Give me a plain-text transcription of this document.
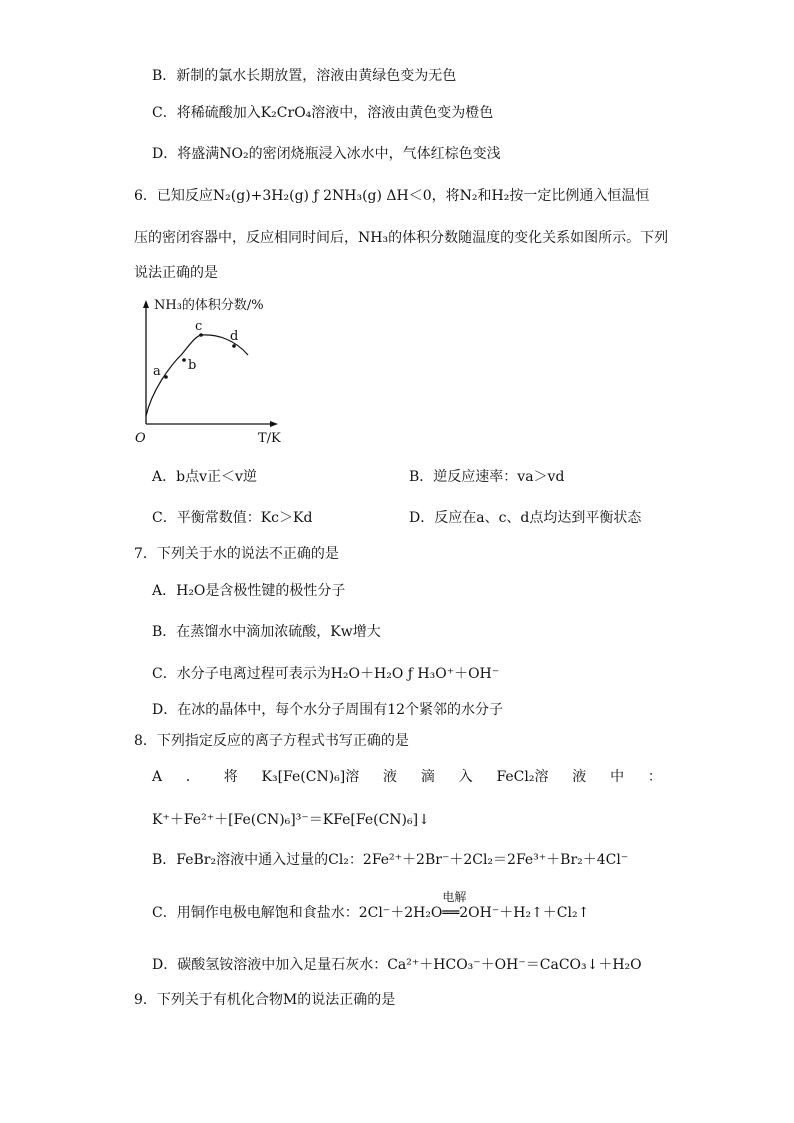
B．新制的氯水长期放置，溶液由黄绿色变为无色
C．将稀硫酸加入K₂CrO₄溶液中，溶液由黄色变为橙色
D．将盛满NO₂的密闭烧瓶浸入冰水中，气体红棕色变浅
6．已知反应N₂(g)+3H₂(g) ƒ 2NH₃(g) ΔH＜0，将N₂和H₂按一定比例通入恒温恒
压的密闭容器中，反应相同时间后，NH₃的体积分数随温度的变化关系如图所示。下列
说法正确的是
a b
c
d
NH₃的体积分数/%
T/K
O
A．b点v正＜v逆	B．逆反应速率：va＞vd
C．平衡常数值：Kc＞Kd	D．反应在a、c、d点均达到平衡状态
7．下列关于水的说法不正确的是
A．H₂O是含极性键的极性分子
B．在蒸馏水中滴加浓硫酸，Kw增大
C．水分子电离过程可表示为H₂O＋H₂O ƒ H₃O⁺＋OH⁻
D．在冰的晶体中，每个水分子周围有12个紧邻的水分子
8．下列指定反应的离子方程式书写正确的是
A ． 将 K₃[Fe(CN)₆]溶 液 滴 入 FeCl₂溶 液 中 ：
K⁺＋Fe²⁺＋[Fe(CN)₆]³⁻＝KFe[Fe(CN)₆]↓
B．FeBr₂溶液中通入过量的Cl₂：2Fe²⁺＋2Br⁻＋2Cl₂＝2Fe³⁺＋Br₂＋4Cl⁻
C．用铜作电极电解饱和食盐水：2Cl⁻＋2H₂O
电解
══2OH⁻＋H₂↑＋Cl₂↑
D．碳酸氢铵溶液中加入足量石灰水：Ca²⁺＋HCO₃⁻＋OH⁻＝CaCO₃↓＋H₂O
9．下列关于有机化合物M的说法正确的是
